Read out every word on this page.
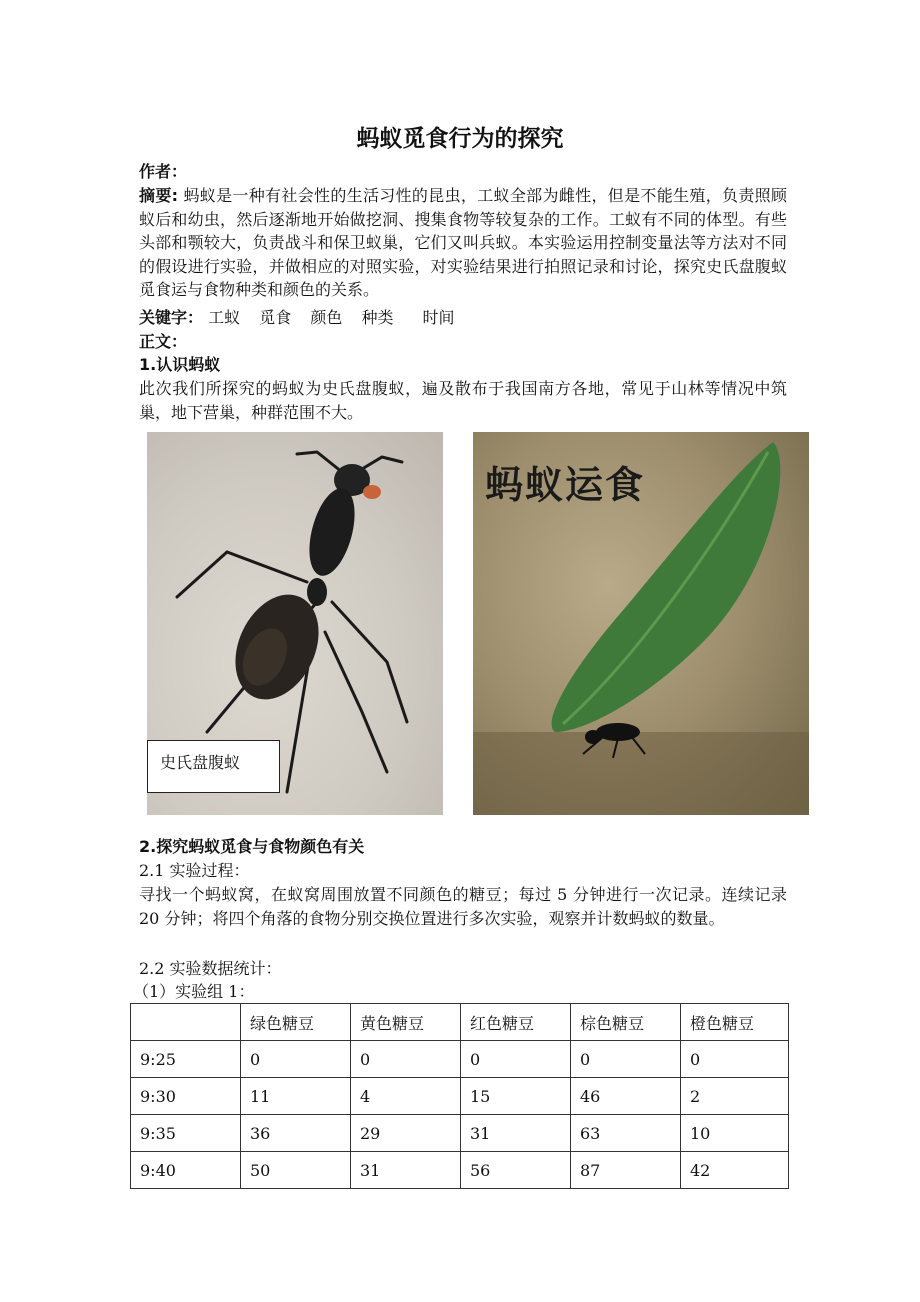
蚂蚁觅食行为的探究
作者：
摘要: 蚂蚁是一种有社会性的生活习性的昆虫，工蚁全部为雌性，但是不能生殖，负责照顾蚁后和幼虫，然后逐渐地开始做挖洞、搜集食物等较复杂的工作。工蚁有不同的体型。有些头部和颚较大，负责战斗和保卫蚁巢，它们又叫兵蚁。本实验运用控制变量法等方法对不同的假设进行实验，并做相应的对照实验，对实验结果进行拍照记录和讨论，探究史氏盘腹蚁觅食运与食物种类和颜色的关系。
关键字： 工蚁 觅食 颜色 种类 时间
正文：
1.认识蚂蚁
此次我们所探究的蚂蚁为史氏盘腹蚁，遍及散布于我国南方各地，常见于山林等情况中筑巢，地下营巢，种群范围不大。
史氏盘腹蚁
蚂蚁运食
2.探究蚂蚁觅食与食物颜色有关
2.1 实验过程：
寻找一个蚂蚁窝，在蚁窝周围放置不同颜色的糖豆；每过 5 分钟进行一次记录。连续记录 20 分钟；将四个角落的食物分别交换位置进行多次实验，观察并计数蚂蚁的数量。
2.2 实验数据统计：
（1）实验组 1：
	绿色糖豆	黄色糖豆	红色糖豆	棕色糖豆	橙色糖豆
9:25	0	0	0	0	0
9:30	11	4	15	46	2
9:35	36	29	31	63	10
9:40	50	31	56	87	42
